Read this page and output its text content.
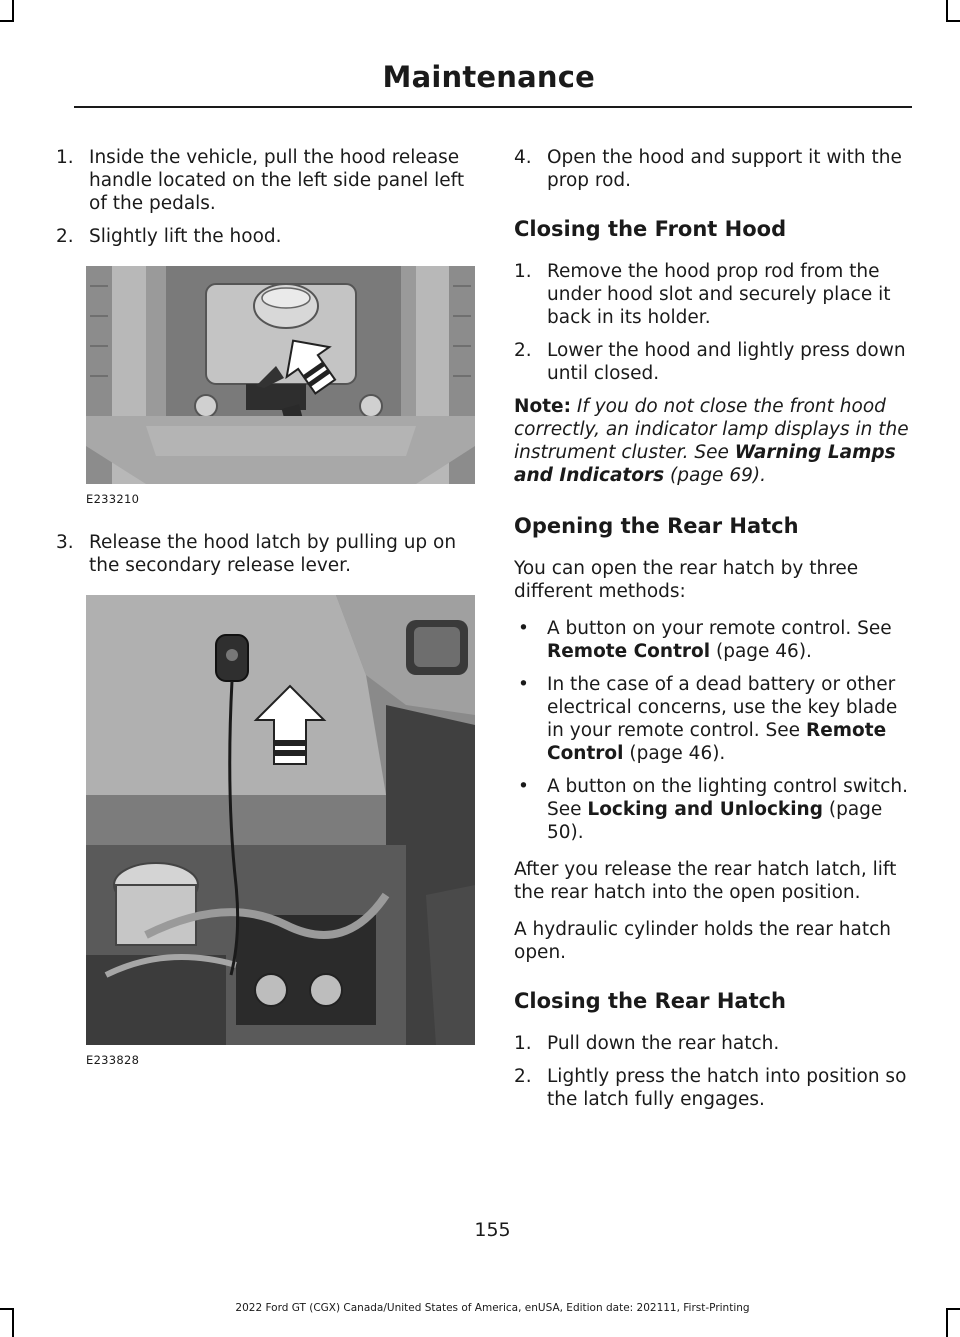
Maintenance
1. Inside the vehicle, pull the hood release handle located on the left side panel left of the pedals.
2. Slightly lift the hood.
E233210
3. Release the hood latch by pulling up on the secondary release lever.
E233828
4. Open the hood and support it with the prop rod.
Closing the Front Hood
1. Remove the hood prop rod from the under hood slot and securely place it back in its holder.
2. Lower the hood and lightly press down until closed.
Note: If you do not close the front hood correctly, an indicator lamp displays in the instrument cluster. See Warning Lamps and Indicators (page 69).
Opening the Rear Hatch
You can open the rear hatch by three different methods:
• A button on your remote control. See Remote Control (page 46).
• In the case of a dead battery or other electrical concerns, use the key blade in your remote control. See Remote Control (page 46).
• A button on the lighting control switch. See Locking and Unlocking (page 50).
After you release the rear hatch latch, lift the rear hatch into the open position.
A hydraulic cylinder holds the rear hatch open.
Closing the Rear Hatch
1. Pull down the rear hatch.
2. Lightly press the hatch into position so the latch fully engages.
155
2022 Ford GT (CGX) Canada/United States of America, enUSA, Edition date: 202111, First-Printing
